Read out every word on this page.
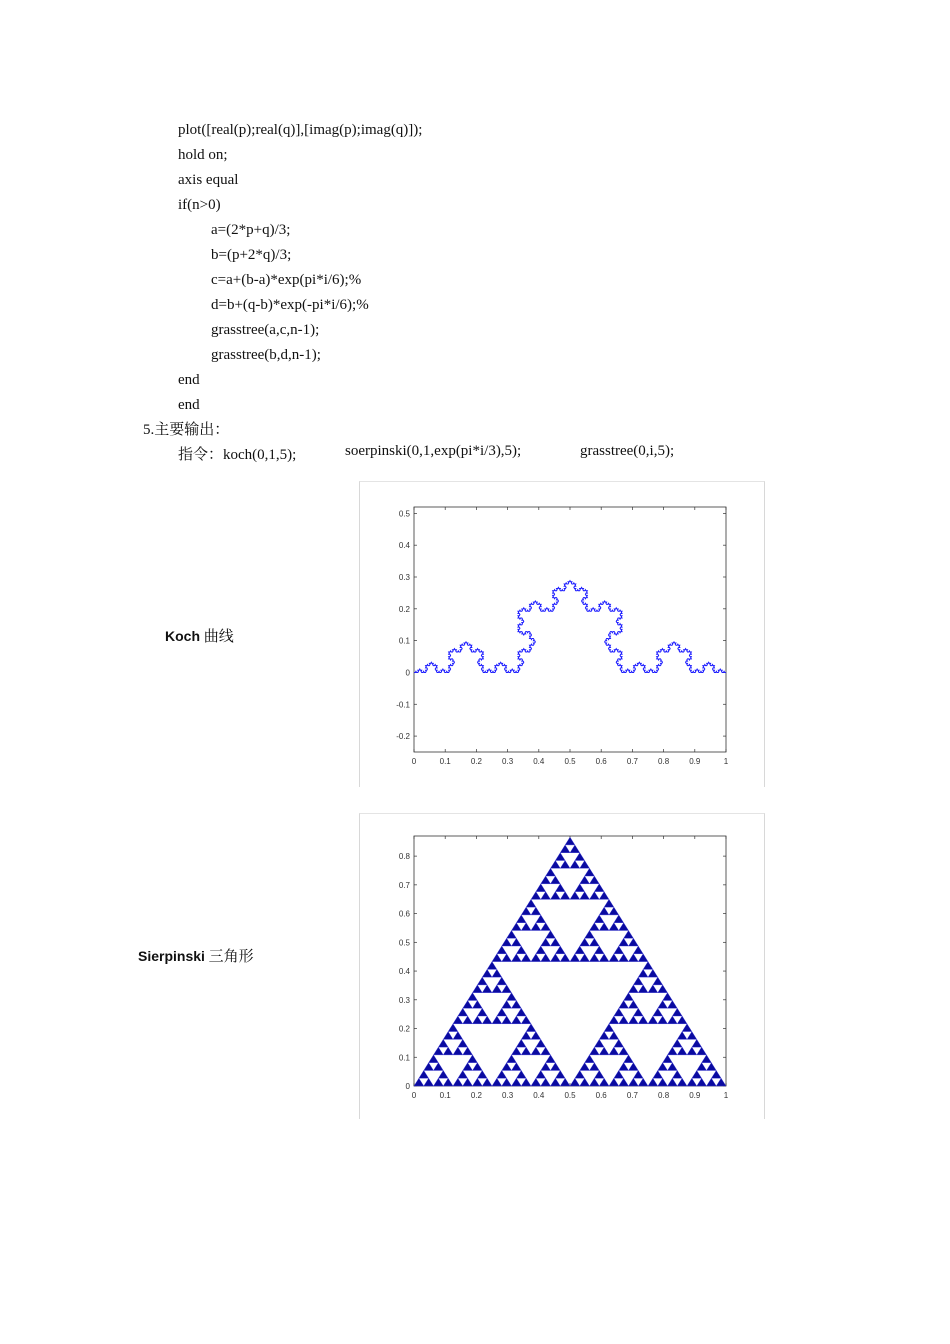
plot([real(p);real(q)],[imag(p);imag(q)]);
hold on;
axis equal
if(n>0)
a=(2*p+q)/3;
b=(p+2*q)/3;
c=a+(b-a)*exp(pi*i/6);%
d=b+(q-b)*exp(-pi*i/6);%
grasstree(a,c,n-1);
grasstree(b,d,n-1);
end
end
5.主要输出：
指令：koch(0,1,5);	soerpinski(0,1,exp(pi*i/3),5);	grasstree(0,i,5);
Koch 曲线
0	0.1	0.2	0.3	0.4	0.5	0.6	0.7	0.8	0.9	1
-0.2
-0.1
0
0.1
0.2
0.3
0.4
0.5
Sierpinski 三角形
0	0.1	0.2	0.3	0.4	0.5	0.6	0.7	0.8	0.9	1
0
0.1
0.2
0.3
0.4
0.5
0.6
0.7
0.8
